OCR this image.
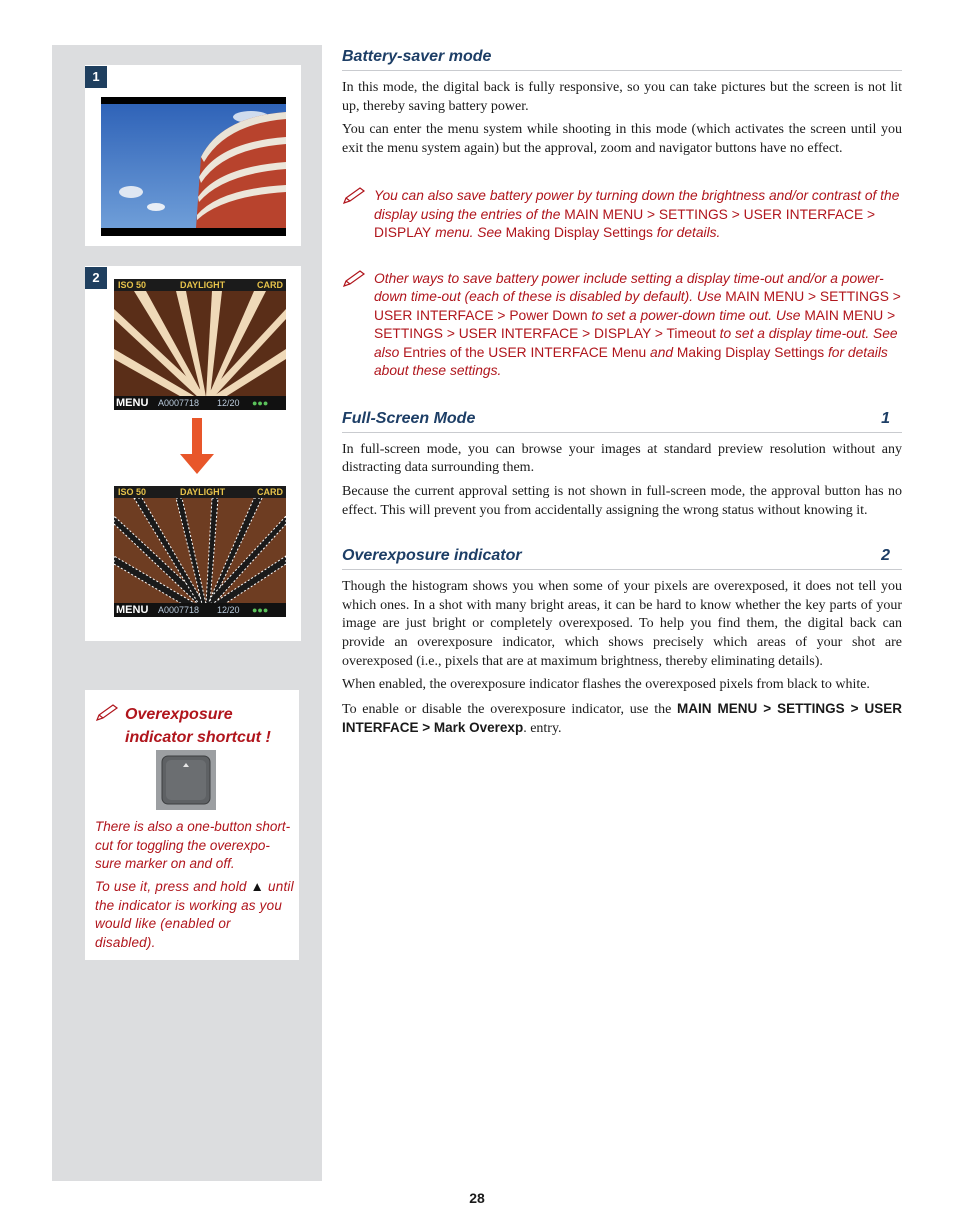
1
2	ISO 50	DAYLIGHT	CARD
MENU A0007718 12/20 ●●●
ISO 50	DAYLIGHT	CARD
MENU A0007718 12/20 ●●●
Overexposure indicator shortcut !

There is also a one-button short-cut for toggling the overexpo-sure marker on and off.

To use it, press and hold ▲ until the indicator is working as you would like (enabled or disabled).

Battery-saver mode

In this mode, the digital back is fully responsive, so you can take pictures but the screen is not lit up, thereby saving battery power.

You can enter the menu system while shooting in this mode (which activates the screen until you exit the menu system again) but the approval, zoom and navigator buttons have no effect.

You can also save battery power by turning down the brightness and/or contrast of the display using the entries of the MAIN MENU > SETTINGS > USER INTERFACE > DISPLAY menu. See Making Display Settings for details.

Other ways to save battery power include setting a display time-out and/or a power-down time-out (each of these is disabled by default). Use MAIN MENU > SETTINGS > USER INTERFACE > Power Down to set a power-down time out. Use MAIN MENU > SETTINGS > USER INTERFACE > DISPLAY > Timeout to set a display time-out. See also Entries of the USER INTERFACE Menu and Making Display Settings for details about these settings.

Full-Screen Mode	1

In full-screen mode, you can browse your images at standard preview resolution without any distracting data surrounding them.

Because the current approval setting is not shown in full-screen mode, the approval button has no effect. This will prevent you from accidentally assigning the wrong status without knowing it.

Overexposure indicator	2

Though the histogram shows you when some of your pixels are overexposed, it does not tell you which ones. In a shot with many bright areas, it can be hard to know whether the key parts of your image are just bright or completely overexposed. To help you find them, the digital back can provide an overexposure indicator, which shows precisely which areas of your shot are overexposed (i.e., pixels that are at maximum brightness, thereby eliminating details).

When enabled, the overexposure indicator flashes the overexposed pixels from black to white.

To enable or disable the overexposure indicator, use the MAIN MENU > SETTINGS > USER INTERFACE > Mark Overexp. entry.

28
